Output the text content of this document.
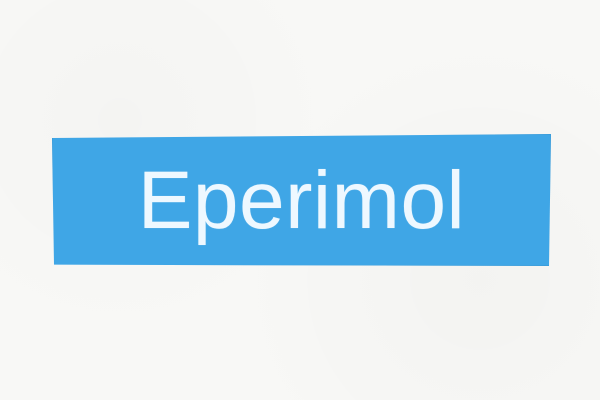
Eperimol
